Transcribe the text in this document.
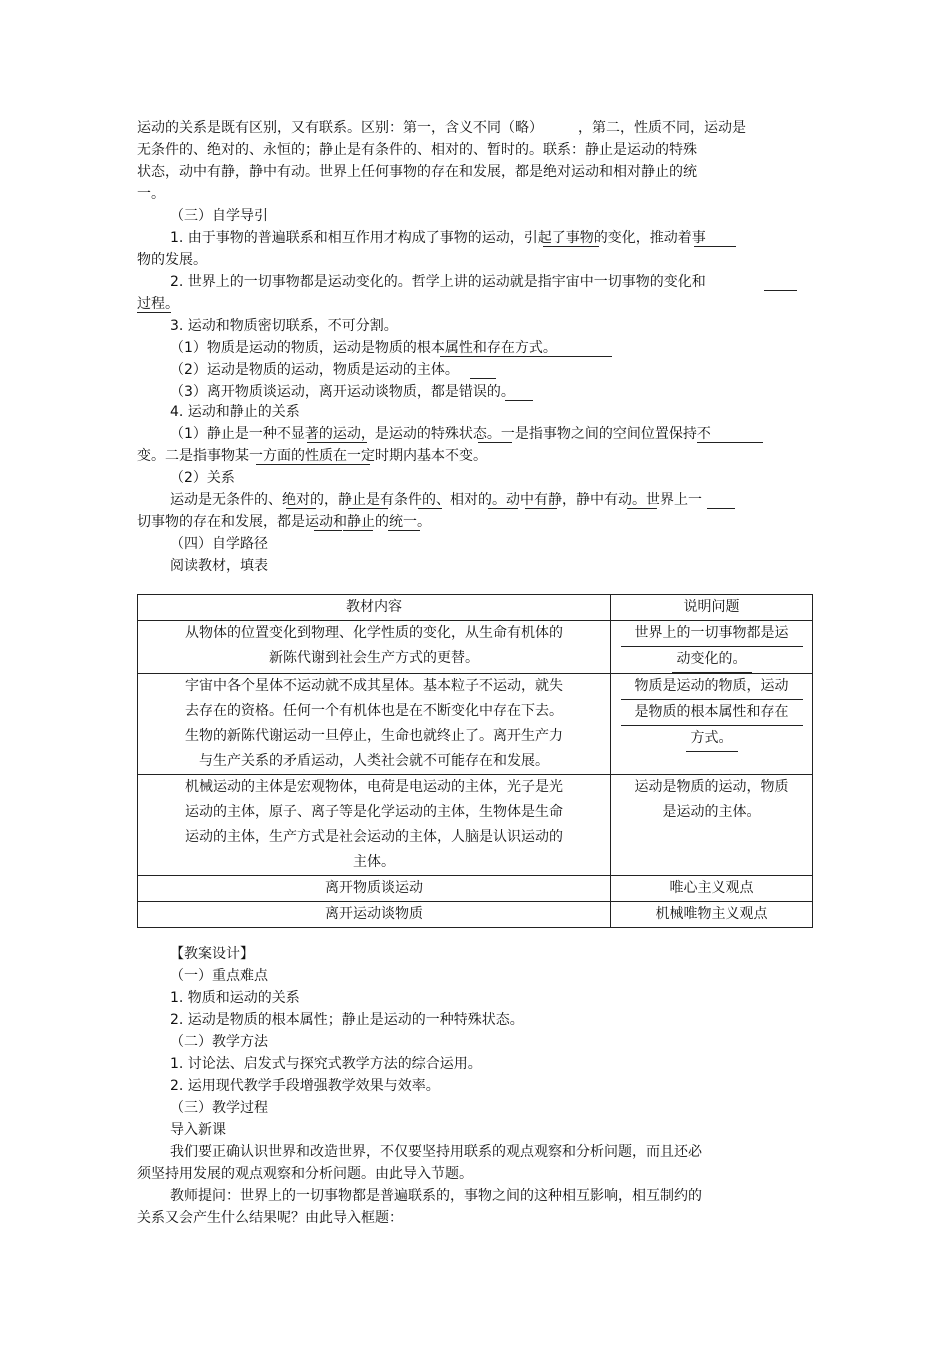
运动的关系是既有区别，又有联系。区别：第一，含义不同（略）　　　，第二，性质不同，运动是
无条件的、绝对的、永恒的；静止是有条件的、相对的、暂时的。联系：静止是运动的特殊
状态，动中有静，静中有动。世界上任何事物的存在和发展，都是绝对运动和相对静止的统
一。
（三）自学导引
1. 由于事物的普遍联系和相互作用才构成了事物的运动，引起了事物的变化，推动着事
物的发展。
2. 世界上的一切事物都是运动变化的。哲学上讲的运动就是指宇宙中一切事物的变化和
过程。
3. 运动和物质密切联系，不可分割。
（1）物质是运动的物质，运动是物质的根本属性和存在方式。
（2）运动是物质的运动，物质是运动的主体。
（3）离开物质谈运动，离开运动谈物质，都是错误的。
4. 运动和静止的关系
（1）静止是一种不显著的运动，是运动的特殊状态。一是指事物之间的空间位置保持不
变。二是指事物某一方面的性质在一定时期内基本不变。
（2）关系
运动是无条件的、绝对的，静止是有条件的、相对的。动中有静，静中有动。世界上一
切事物的存在和发展，都是运动和静止的统一。
（四）自学路径
阅读教材，填表
教材内容	说明问题

从物体的位置变化到物理、化学性质的变化，从生命有机体的
新陈代谢到社会生产方式的更替。	世界上的一切事物都是运
动变化的。

宇宙中各个星体不运动就不成其星体。基本粒子不运动，就失
去存在的资格。任何一个有机体也是在不断变化中存在下去。
生物的新陈代谢运动一旦停止，生命也就终止了。离开生产力
与生产关系的矛盾运动，人类社会就不可能存在和发展。	物质是运动的物质，运动
是物质的根本属性和存在
方式。

机械运动的主体是宏观物体，电荷是电运动的主体，光子是光
运动的主体，原子、离子等是化学运动的主体，生物体是生命
运动的主体，生产方式是社会运动的主体，人脑是认识运动的
主体。	运动是物质的运动，物质
是运动的主体。

离开物质谈运动	唯心主义观点
离开运动谈物质	机械唯物主义观点
【教案设计】
（一）重点难点
1. 物质和运动的关系
2. 运动是物质的根本属性；静止是运动的一种特殊状态。
（二）教学方法
1. 讨论法、启发式与探究式教学方法的综合运用。
2. 运用现代教学手段增强教学效果与效率。
（三）教学过程
导入新课
我们要正确认识世界和改造世界，不仅要坚持用联系的观点观察和分析问题，而且还必
须坚持用发展的观点观察和分析问题。由此导入节题。
教师提问：世界上的一切事物都是普遍联系的，事物之间的这种相互影响，相互制约的
关系又会产生什么结果呢？由此导入框题：
